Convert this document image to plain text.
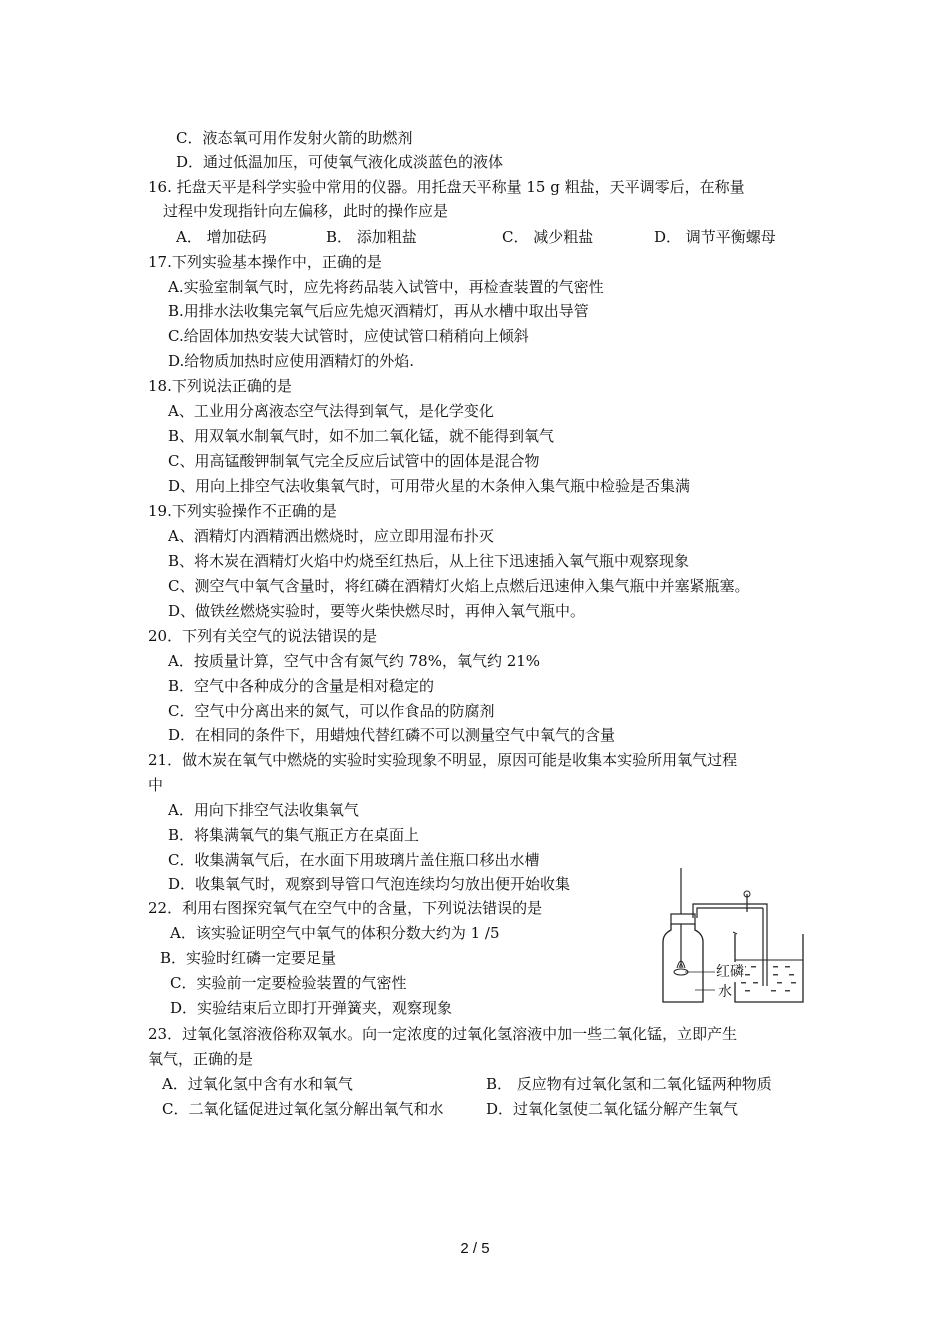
C．液态氧可用作发射火箭的助燃剂
D．通过低温加压，可使氧气液化成淡蓝色的液体
16. 托盘天平是科学实验中常用的仪器。用托盘天平称量 15 g 粗盐，天平调零后，在称量
过程中发现指针向左偏移，此时的操作应是
A． 增加砝码	B． 添加粗盐	C． 减少粗盐	D． 调节平衡螺母
17.下列实验基本操作中，正确的是
A.实验室制氧气时，应先将药品装入试管中，再检查装置的气密性
B.用排水法收集完氧气后应先熄灭酒精灯，再从水槽中取出导管
C.给固体加热安装大试管时，应使试管口稍稍向上倾斜
D.给物质加热时应使用酒精灯的外焰.
18.下列说法正确的是
A、工业用分离液态空气法得到氧气，是化学变化
B、用双氧水制氧气时，如不加二氧化锰，就不能得到氧气
C、用高锰酸钾制氧气完全反应后试管中的固体是混合物
D、用向上排空气法收集氧气时，可用带火星的木条伸入集气瓶中检验是否集满
19.下列实验操作不正确的是
A、酒精灯内酒精洒出燃烧时，应立即用湿布扑灭
B、将木炭在酒精灯火焰中灼烧至红热后，从上往下迅速插入氧气瓶中观察现象
C、测空气中氧气含量时，将红磷在酒精灯火焰上点燃后迅速伸入集气瓶中并塞紧瓶塞。
D、做铁丝燃烧实验时，要等火柴快燃尽时，再伸入氧气瓶中。
20．下列有关空气的说法错误的是
A．按质量计算，空气中含有氮气约 78%，氧气约 21%
B．空气中各种成分的含量是相对稳定的
C．空气中分离出来的氮气，可以作食品的防腐剂
D．在相同的条件下，用蜡烛代替红磷不可以测量空气中氧气的含量
21．做木炭在氧气中燃烧的实验时实验现象不明显，原因可能是收集本实验所用氧气过程
中
A．用向下排空气法收集氧气
B．将集满氧气的集气瓶正方在桌面上
C．收集满氧气后，在水面下用玻璃片盖住瓶口移出水槽
D．收集氧气时，观察到导管口气泡连续均匀放出便开始收集
22．利用右图探究氧气在空气中的含量，下列说法错误的是
A．该实验证明空气中氧气的体积分数大约为 1 /5
B．实验时红磷一定要足量
C．实验前一定要检验装置的气密性
D．实验结束后立即打开弹簧夹，观察现象
红磷
水
23．过氧化氢溶液俗称双氧水。向一定浓度的过氧化氢溶液中加一些二氧化锰，立即产生
氧气，正确的是
A．过氧化氢中含有水和氧气	B． 反应物有过氧化氢和二氧化锰两种物质
C．二氧化锰促进过氧化氢分解出氧气和水	D．过氧化氢使二氧化锰分解产生氧气
2 / 5
